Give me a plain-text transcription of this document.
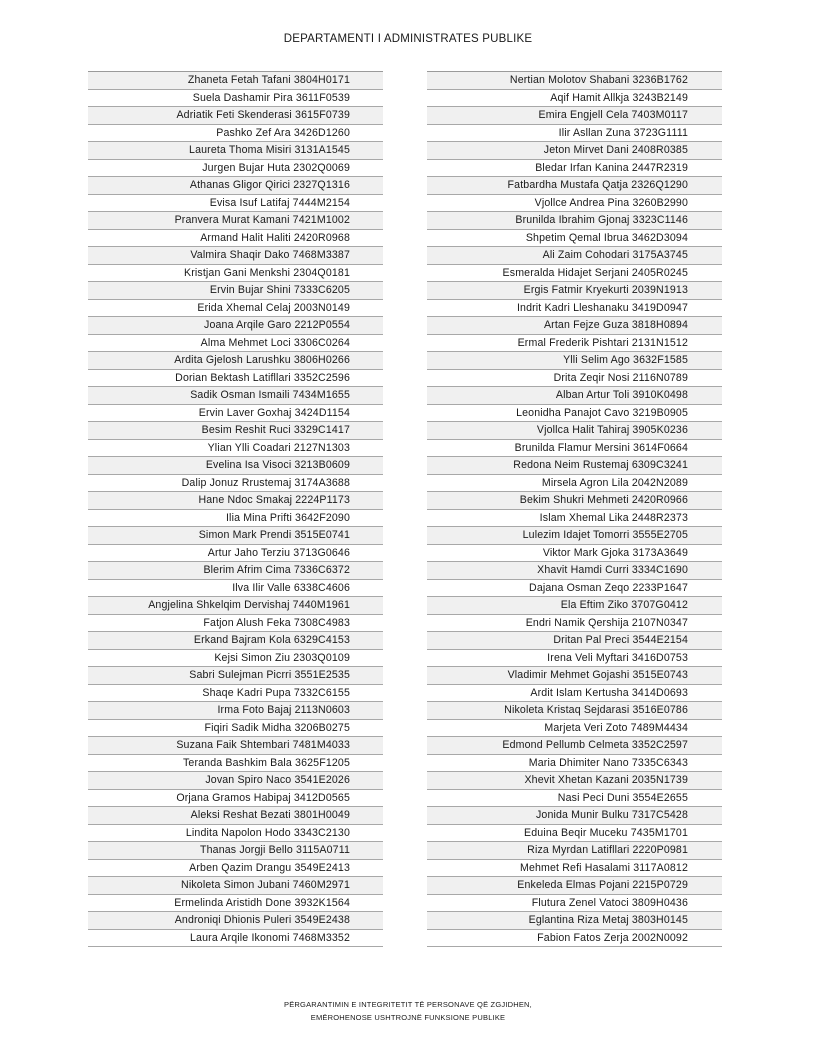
DEPARTAMENTI I ADMINISTRATES PUBLIKE
Zhaneta Fetah Tafani 3804H0171
Suela Dashamir Pira 3611F0539
Adriatik Feti Skenderasi 3615F0739
Pashko Zef Ara 3426D1260
Laureta Thoma Misiri 3131A1545
Jurgen Bujar Huta 2302Q0069
Athanas Gligor Qirici 2327Q1316
Evisa Isuf Latifaj 7444M2154
Pranvera Murat Kamani 7421M1002
Armand Halit Haliti 2420R0968
Valmira Shaqir Dako 7468M3387
Kristjan Gani Menkshi 2304Q0181
Ervin Bujar Shini 7333C6205
Erida Xhemal Celaj 2003N0149
Joana Arqile Garo 2212P0554
Alma Mehmet Loci 3306C0264
Ardita Gjelosh Larushku 3806H0266
Dorian Bektash Latifllari 3352C2596
Sadik Osman Ismaili 7434M1655
Ervin Laver Goxhaj 3424D1154
Besim Reshit Ruci 3329C1417
Ylian Ylli Coadari 2127N1303
Evelina Isa Visoci 3213B0609
Dalip Jonuz Rrustemaj 3174A3688
Hane Ndoc Smakaj 2224P1173
Ilia Mina Prifti 3642F2090
Simon Mark Prendi 3515E0741
Artur Jaho Terziu 3713G0646
Blerim Afrim Cima 7336C6372
Ilva Ilir Valle 6338C4606
Angjelina Shkelqim Dervishaj 7440M1961
Fatjon Alush Feka 7308C4983
Erkand Bajram Kola 6329C4153
Kejsi Simon Ziu 2303Q0109
Sabri Sulejman Picrri 3551E2535
Shaqe Kadri Pupa 7332C6155
Irma Foto Bajaj 2113N0603
Fiqiri Sadik Midha 3206B0275
Suzana Faik Shtembari 7481M4033
Teranda Bashkim Bala 3625F1205
Jovan Spiro Naco 3541E2026
Orjana Gramos Habipaj 3412D0565
Aleksi Reshat Bezati 3801H0049
Lindita Napolon Hodo 3343C2130
Thanas Jorgji Bello 3115A0711
Arben Qazim Drangu 3549E2413
Nikoleta Simon Jubani 7460M2971
Ermelinda Aristidh Done 3932K1564
Androniqi Dhionis Puleri 3549E2438
Laura Arqile Ikonomi 7468M3352
Nertian Molotov Shabani 3236B1762
Aqif Hamit Allkja 3243B2149
Emira Engjell Cela 7403M0117
Ilir Asllan Zuna 3723G1111
Jeton Mirvet Dani 2408R0385
Bledar Irfan Kanina 2447R2319
Fatbardha Mustafa Qatja 2326Q1290
Vjollce Andrea Pina 3260B2990
Brunilda Ibrahim Gjonaj 3323C1146
Shpetim Qemal Ibrua 3462D3094
Ali Zaim Cohodari 3175A3745
Esmeralda Hidajet Serjani 2405R0245
Ergis Fatmir Kryekurti 2039N1913
Indrit Kadri Lleshanaku 3419D0947
Artan Fejze Guza 3818H0894
Ermal Frederik Pishtari 2131N1512
Ylli Selim Ago 3632F1585
Drita Zeqir Nosi 2116N0789
Alban Artur Toli 3910K0498
Leonidha Panajot Cavo 3219B0905
Vjollca Halit Tahiraj 3905K0236
Brunilda Flamur Mersini 3614F0664
Redona Neim Rustemaj 6309C3241
Mirsela Agron Lila 2042N2089
Bekim Shukri Mehmeti 2420R0966
Islam Xhemal Lika 2448R2373
Lulezim Idajet Tomorri 3555E2705
Viktor Mark Gjoka 3173A3649
Xhavit Hamdi Curri 3334C1690
Dajana Osman Zeqo 2233P1647
Ela Eftim Ziko 3707G0412
Endri Namik Qershija 2107N0347
Dritan Pal Preci 3544E2154
Irena Veli Myftari 3416D0753
Vladimir Mehmet Gojashi 3515E0743
Ardit Islam Kertusha 3414D0693
Nikoleta Kristaq Sejdarasi 3516E0786
Marjeta Veri Zoto 7489M4434
Edmond Pellumb Celmeta 3352C2597
Maria Dhimiter Nano 7335C6343
Xhevit Xhetan Kazani 2035N1739
Nasi Peci Duni 3554E2655
Jonida Munir Bulku 7317C5428
Eduina Beqir Muceku 7435M1701
Riza Myrdan Latifllari 2220P0981
Mehmet Refi Hasalami 3117A0812
Enkeleda Elmas Pojani 2215P0729
Flutura Zenel Vatoci 3809H0436
Eglantina Riza Metaj 3803H0145
Fabion Fatos Zerja 2002N0092
PËRGARANTIMIN E INTEGRITETIT TË PERSONAVE QË ZGJIDHEN,
EMËROHENOSE USHTROJNË FUNKSIONE PUBLIKE
